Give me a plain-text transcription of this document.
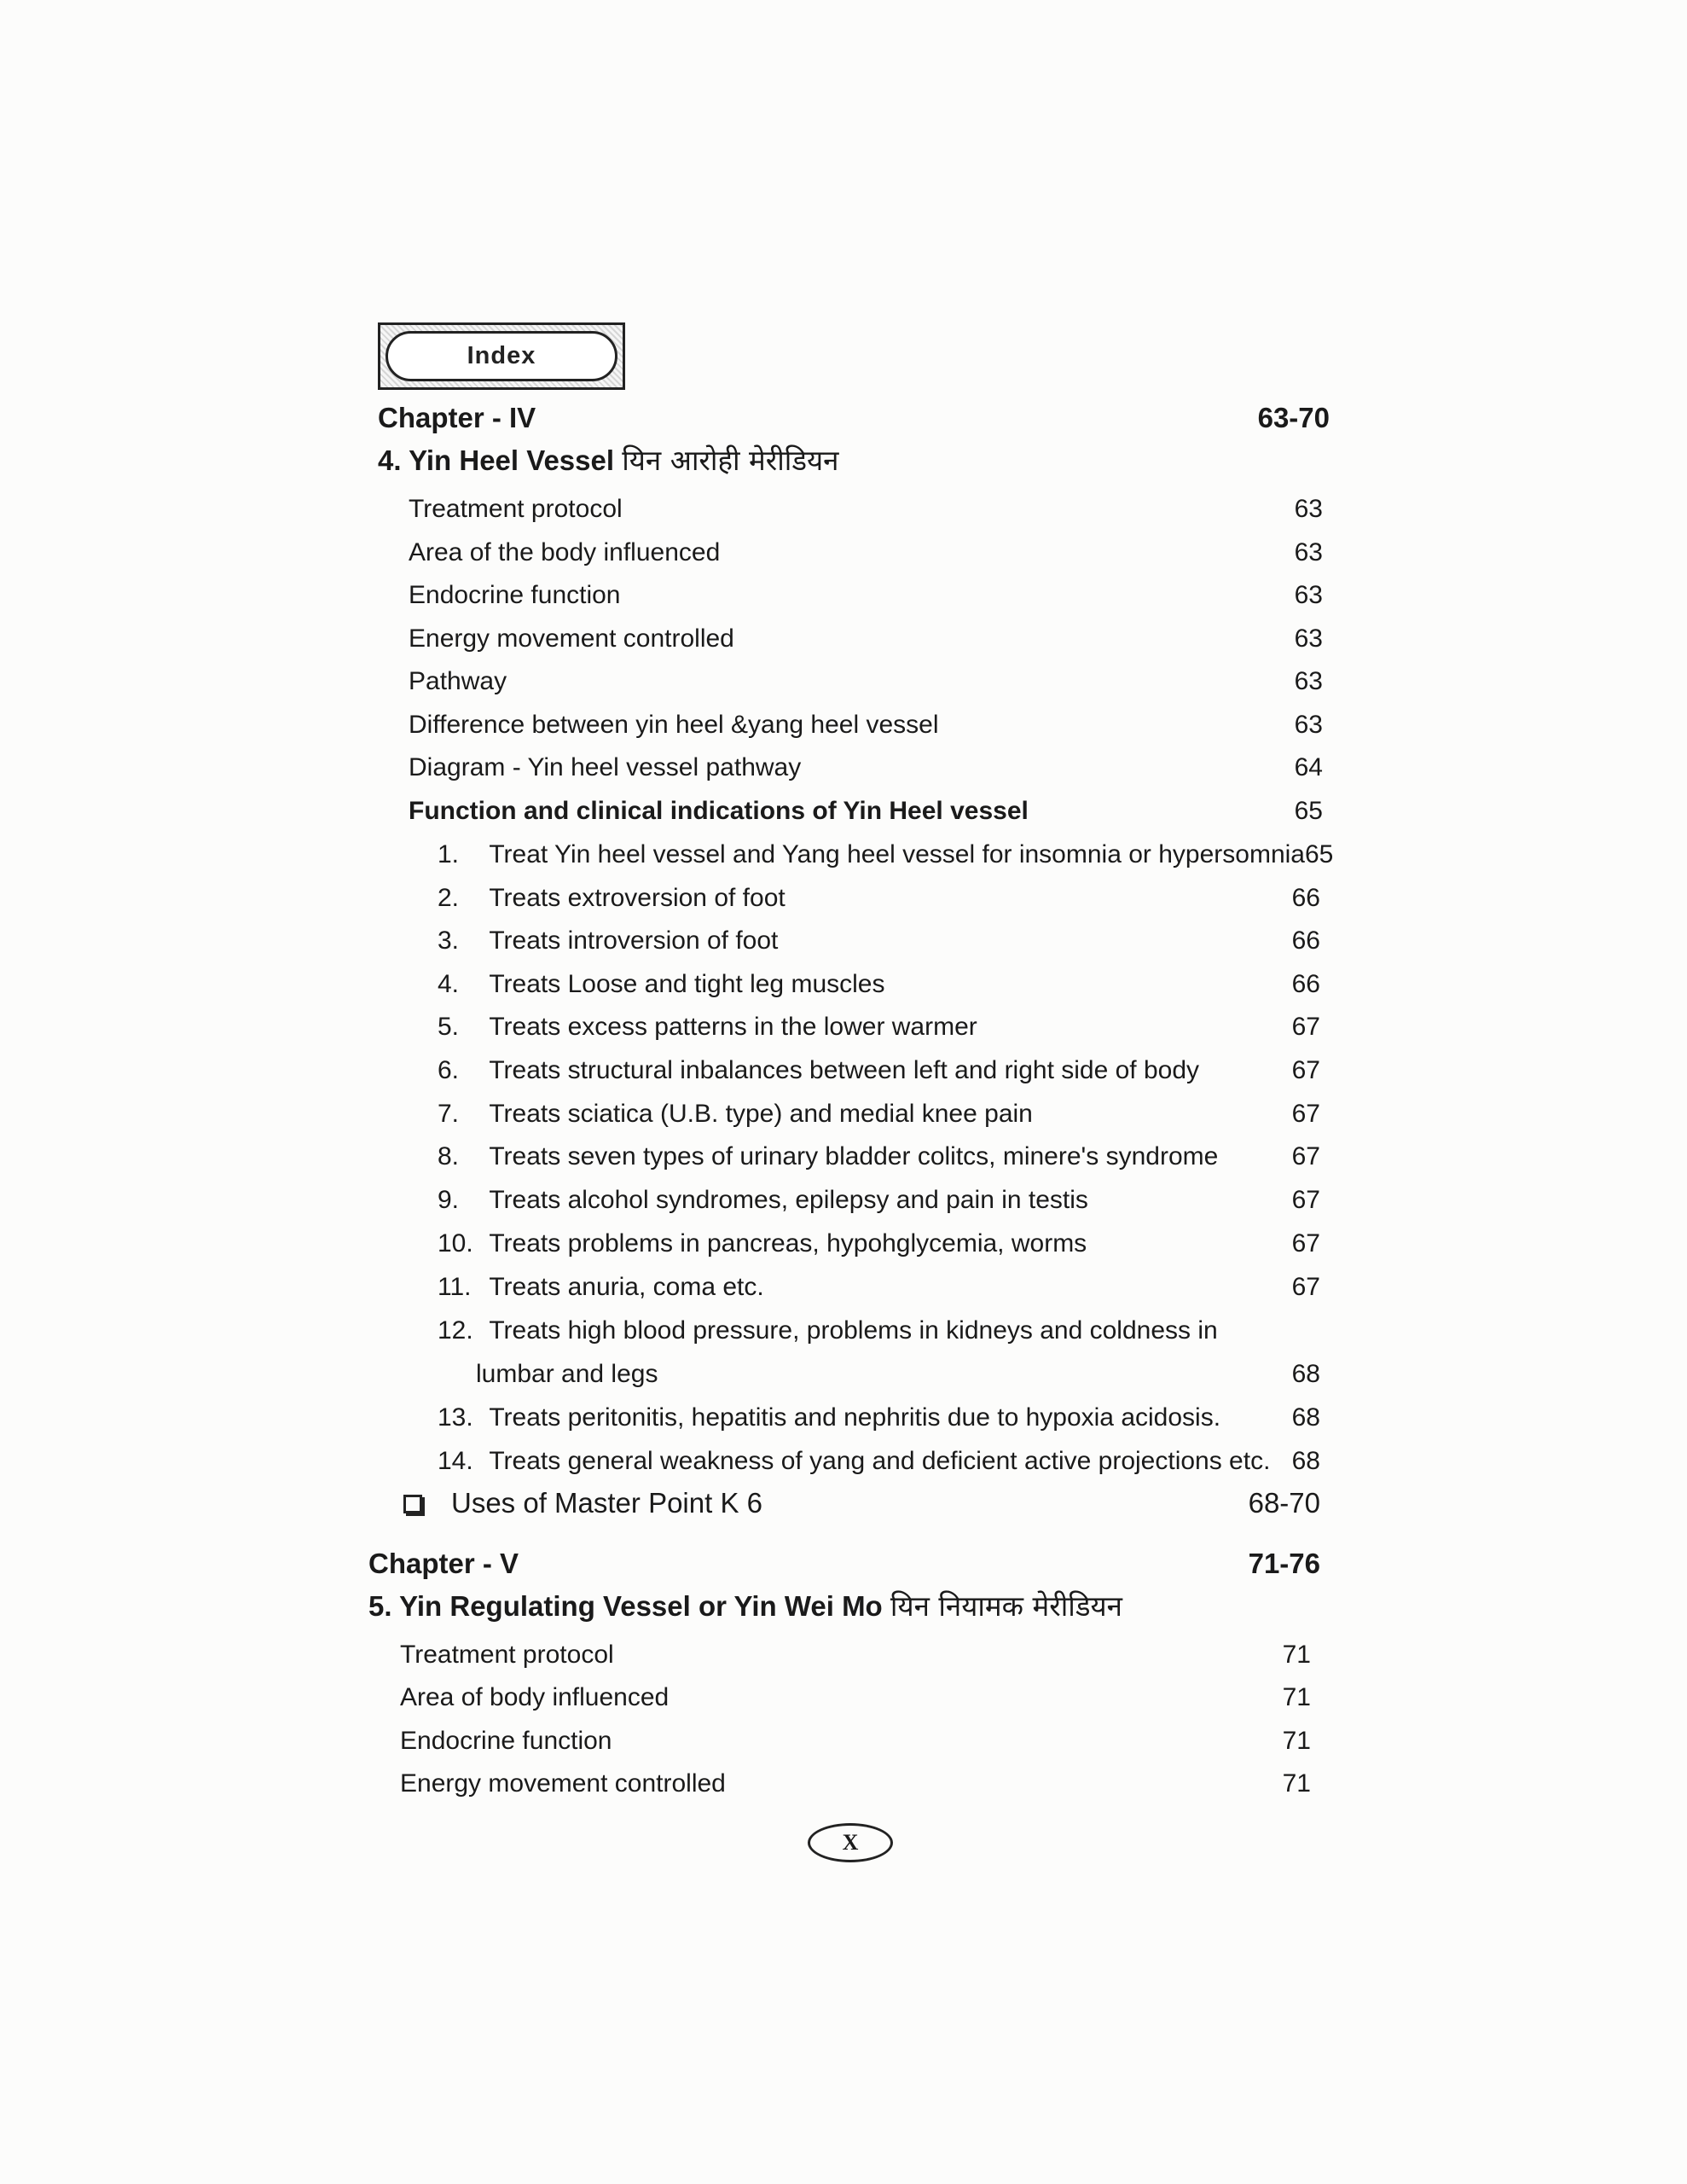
Index
Chapter - IV	63-70
4. Yin Heel Vessel यिन आरोही मेरीडियन
Treatment protocol	63
Area of the body influenced	63
Endocrine function	63
Energy movement controlled	63
Pathway	63
Difference between yin heel &yang heel vessel	63
Diagram - Yin heel vessel pathway	64
Function and clinical indications of Yin Heel vessel	65
1. Treat Yin heel vessel and Yang heel vessel for insomnia or hypersomnia 65
2. Treats extroversion of foot	66
3. Treats introversion of foot	66
4. Treats Loose and tight leg muscles	66
5. Treats excess patterns in the lower warmer	67
6. Treats structural inbalances between left and right side of body	67
7. Treats sciatica (U.B. type) and medial knee pain	67
8. Treats seven types of urinary bladder colitcs, minere's syndrome	67
9. Treats alcohol syndromes, epilepsy and pain in testis	67
10. Treats problems in pancreas, hypohglycemia, worms	67
11. Treats anuria, coma etc.	67
12. Treats high blood pressure, problems in kidneys and coldness in
lumbar and legs	68
13. Treats peritonitis, hepatitis and nephritis due to hypoxia acidosis.	68
14. Treats general weakness of yang and deficient active projections etc. 68
Uses of Master Point K 6	68-70
Chapter - V	71-76
5. Yin Regulating Vessel or Yin Wei Mo यिन नियामक मेरीडियन
Treatment protocol	71
Area of body influenced	71
Endocrine function	71
Energy movement controlled	71
X
